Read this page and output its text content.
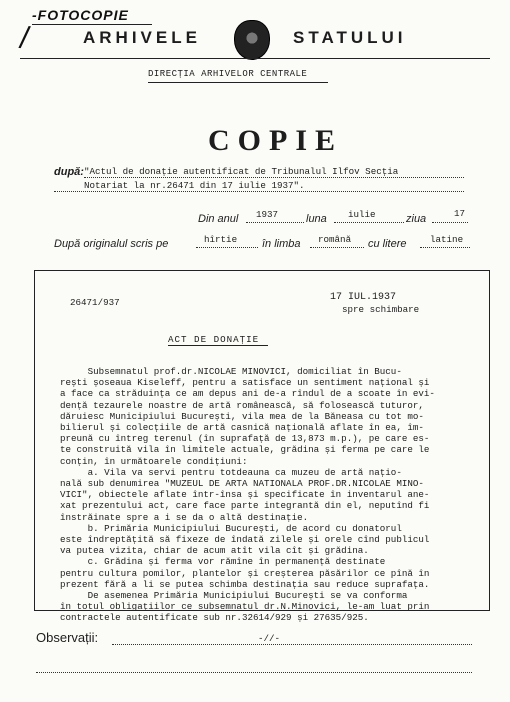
-FOTOCOPIE
/	ARHIVELE	STATULUI
DIRECȚIA ARHIVELOR CENTRALE
COPIE
după: "Actul de donație autentificat de Tribunalul Ilfov Secția
Notariat la nr.26471 din 17 iulie 1937".
Din anul 1937	luna iulie	ziua	17
După originalul scris pe	hîrtie în limba română cu litere	latine
26471/937	17 IUL.1937
spre schimbare
ACT DE DONAȚIE
Subsemnatul prof.dr.NICOLAE MINOVICI, domiciliat în Bucu-
rești șoseaua Kiseleff, pentru a satisface un sentiment național și
a face ca străduința ce am depus ani de-a rîndul de a scoate în evi-
dență tezaurele noastre de artă românească, să folosească tuturor,
dăruiesc Municipiului București, vila mea de la Băneasa cu tot mo-
bilierul și colecțiile de artă casnică națională aflate în ea, îm-
preună cu întreg terenul (în suprafață de 13,873 m.p.), pe care es-
te construită vila în limitele actuale, grădina și ferma pe care le
conțin, în următoarele condițiuni:
a. Vila va servi pentru totdeauna ca muzeu de artă națio-
nală sub denumirea "MUZEUL DE ARTA NATIONALA PROF.DR.NICOLAE MINO-
VICI", obiectele aflate într-însa și specificate în inventarul ane-
xat prezentului act, care face parte integrantă din el, neputînd fi
înstrăinate spre a i se da o altă destinație.
b. Primăria Municipiului București, de acord cu donatorul
este îndreptățită să fixeze de îndată zilele și orele cînd publicul
va putea vizita, chiar de acum atît vila cît și grădina.
c. Grădina și ferma vor rămîne în permanență destinate
pentru cultura pomilor, plantelor și creșterea păsărilor ce pînă în
prezent fără a li se putea schimba destinația sau reduce suprafața.
De asemenea Primăria Municipiului București se va conforma
în totul obligațiilor ce subsemnatul dr.N.Minovici, le-am luat prin
contractele autentificate sub nr.32614/929 și 27635/925.
Observații:	-//-
